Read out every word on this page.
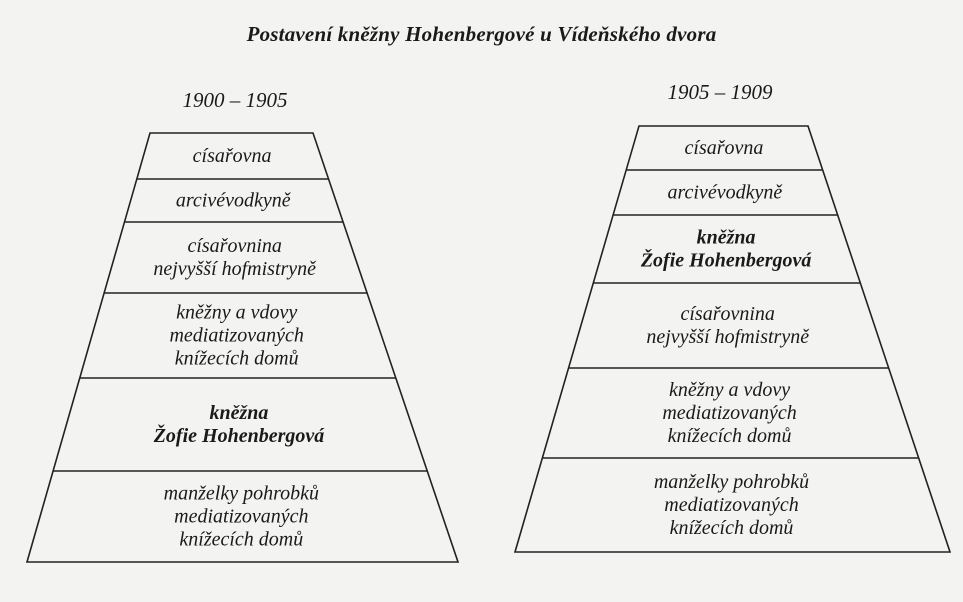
Postavení kněžny Hohenbergové u Vídeňského dvora
1900 – 1905	1905 – 1909
císařovna
arcivévodkyně
císařovnina
nejvyšší hofmistryně
kněžny a vdovy
mediatizovaných
knížecích domů
kněžna
Žofie Hohenbergová
manželky pohrobků
mediatizovaných
knížecích domů
císařovna
arcivévodkyně
kněžna
Žofie Hohenbergová
císařovnina
nejvyšší hofmistryně
kněžny a vdovy
mediatizovaných
knížecích domů
manželky pohrobků
mediatizovaných
knížecích domů
